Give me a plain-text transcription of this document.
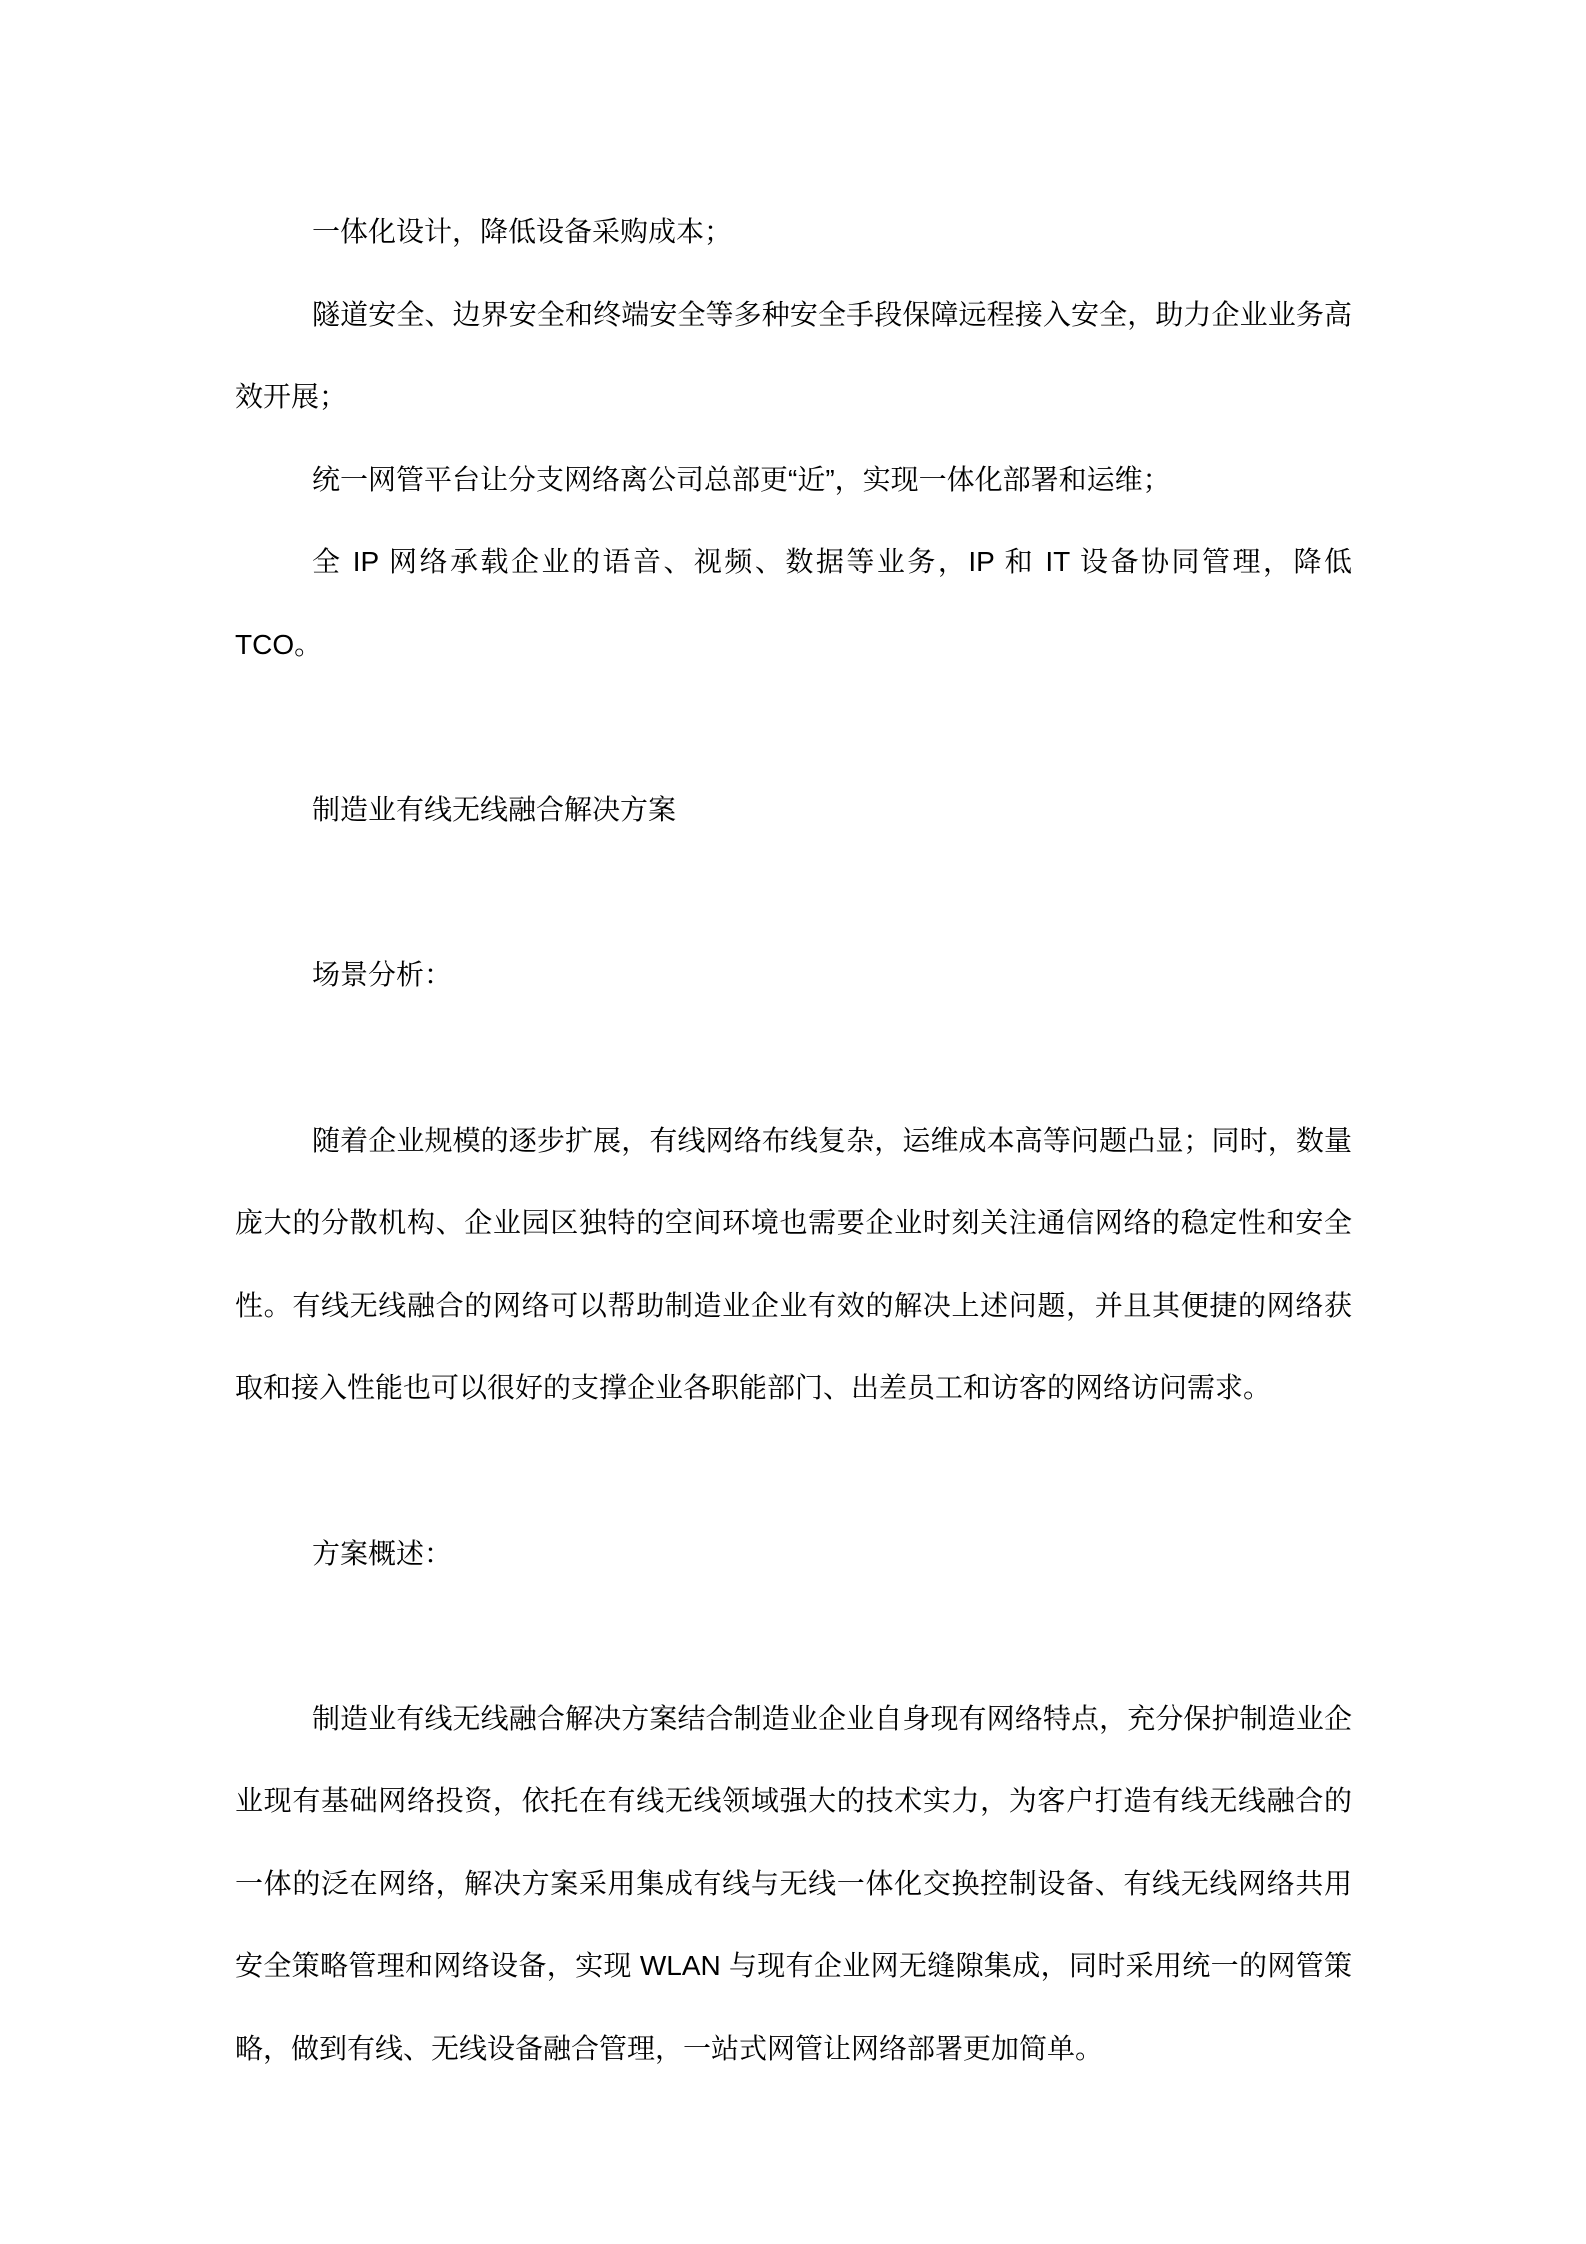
一体化设计，降低设备采购成本；

隧道安全、边界安全和终端安全等多种安全手段保障远程接入安全，助力企业业务高效开展；

统一网管平台让分支网络离公司总部更“近”，实现一体化部署和运维；

全 IP 网络承载企业的语音、视频、数据等业务，IP 和 IT 设备协同管理，降低 TCO。

制造业有线无线融合解决方案

场景分析：

随着企业规模的逐步扩展，有线网络布线复杂，运维成本高等问题凸显；同时，数量庞大的分散机构、企业园区独特的空间环境也需要企业时刻关注通信网络的稳定性和安全性。有线无线融合的网络可以帮助制造业企业有效的解决上述问题，并且其便捷的网络获取和接入性能也可以很好的支撑企业各职能部门、出差员工和访客的网络访问需求。

方案概述：

制造业有线无线融合解决方案结合制造业企业自身现有网络特点，充分保护制造业企业现有基础网络投资，依托在有线无线领域强大的技术实力，为客户打造有线无线融合的一体的泛在网络，解决方案采用集成有线与无线一体化交换控制设备、有线无线网络共用安全策略管理和网络设备，实现 WLAN 与现有企业网无缝隙集成，同时采用统一的网管策略，做到有线、无线设备融合管理，一站式网管让网络部署更加简单。
